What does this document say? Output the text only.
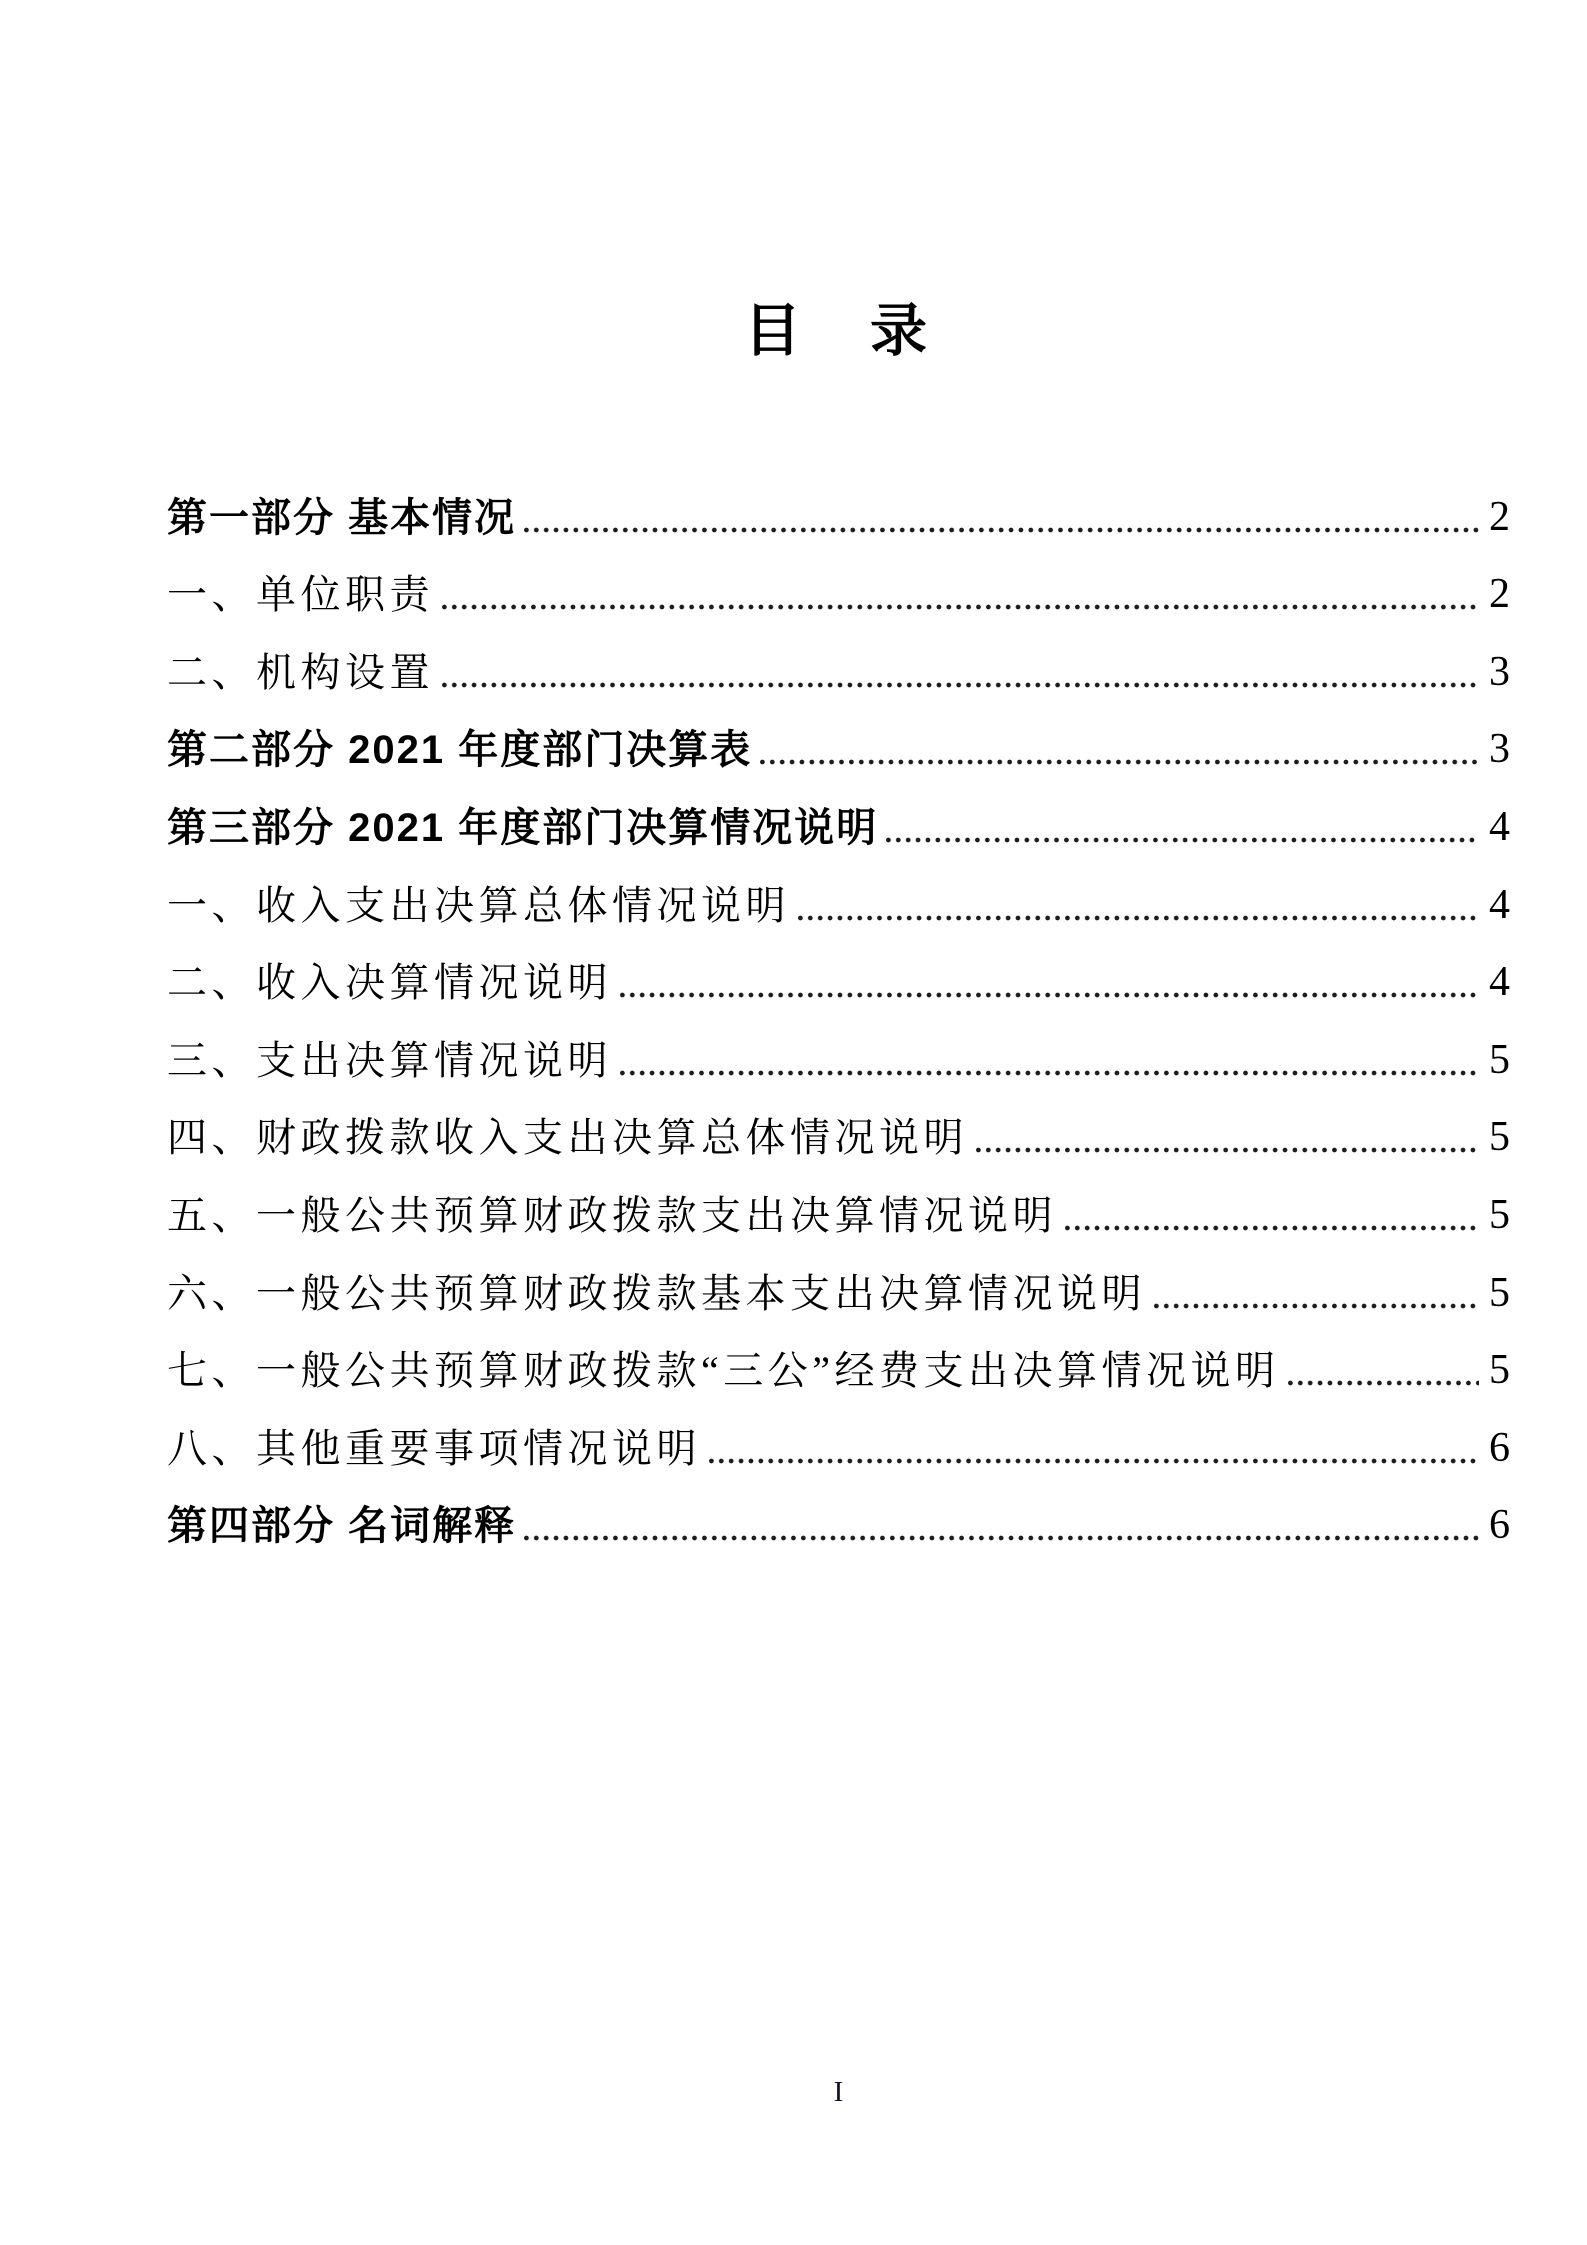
目　录
第一部分 基本情况	2
一、单位职责	2
二、机构设置	3
第二部分 2021 年度部门决算表	3
第三部分 2021 年度部门决算情况说明	4
一、收入支出决算总体情况说明	4
二、收入决算情况说明	4
三、支出决算情况说明	5
四、财政拨款收入支出决算总体情况说明	5
五、一般公共预算财政拨款支出决算情况说明	5
六、一般公共预算财政拨款基本支出决算情况说明	5
七、一般公共预算财政拨款“三公”经费支出决算情况说明	5
八、其他重要事项情况说明	6
第四部分 名词解释	6
I
